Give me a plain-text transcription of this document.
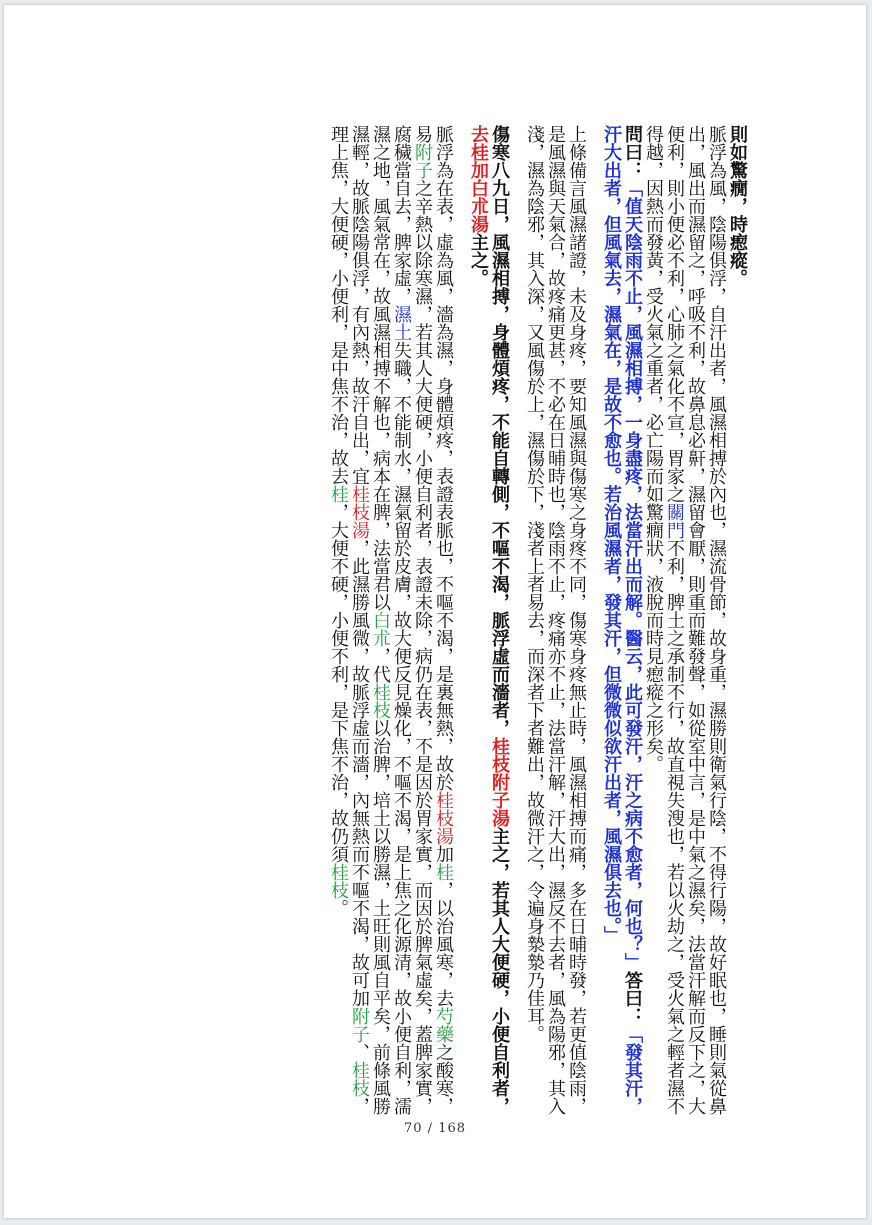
則如驚癇，時瘛瘲。

脈浮為風，陰陽俱浮，自汗出者，風濕相搏於內也，濕流骨節，故身重，濕勝則衛氣行陰，不得行陽，故好眠也，睡則氣從鼻出，風出而濕留之，呼吸不利，故鼻息必鼾，濕留會厭，則重而難發聲，如從室中言，是中氣之濕矣，法當汗解而反下之，大便利，則小便必不利，心肺之氣化不宣，胃家之關門不利，脾土之承制不行，故直視失溲也，若以火劫之，受火氣之輕者濕不得越，因熱而發黃，受火氣之重者，必亡陽而如驚癇狀，液脫而時見瘛瘲之形矣。

問曰：「值天陰雨不止，風濕相搏，一身盡疼，法當汗出而解。醫云，此可發汗，汗之病不愈者，何也？」答曰：「發其汗，汗大出者，但風氣去，濕氣在，是故不愈也。若治風濕者，發其汗，但微微似欲汗出者，風濕俱去也。」

上條備言風濕諸證，未及身疼，要知風濕與傷寒之身疼不同，傷寒身疼無止時，風濕相搏而痛，多在日晡時發，若更值陰雨，是風濕與天氣合，故疼痛更甚，不必在日晡時也，陰雨不止，疼痛亦不止，法當汗解，汗大出，濕反不去者，風為陽邪，其入淺，濕為陰邪，其入深，又風傷於上，濕傷於下，淺者上者易去，而深者下者難出，故微汗之，令遍身漐漐乃佳耳。

傷寒八九日，風濕相搏，身體煩疼，不能自轉側，不嘔不渴，脈浮虛而濇者，桂枝附子湯主之，若其人大便硬，小便自利者，去桂加白朮湯主之。

脈浮為在表，虛為風，濇為濕，身體煩疼，表證表脈也，不嘔不渴，是裏無熱，故於桂枝湯加桂，以治風寒，去芍藥之酸寒，易附子之辛熱以除寒濕，若其人大便硬，小便自利者，表證未除，病仍在表，不是因於胃家實，而因於脾氣虛矣，蓋脾家實，腐穢當自去，脾家虛，濕土失職，不能制水，濕氣留於皮膚，故大便反見燥化，不嘔不渴，是上焦之化源清，故小便自利，濡濕之地，風氣常在，故風濕相搏不解也，病本在脾，法當君以白朮，代桂枝以治脾，培土以勝濕，土旺則風自平矣，前條風勝濕輕，故脈陰陽俱浮，有內熱，故汗自出，宜桂枝湯，此濕勝風微，故脈浮虛而濇，內無熱而不嘔不渴，故可加附子、桂枝，理上焦，大便硬，小便利，是中焦不治，故去桂，大便不硬，小便不利，是下焦不治，故仍須桂枝。

70 / 168
